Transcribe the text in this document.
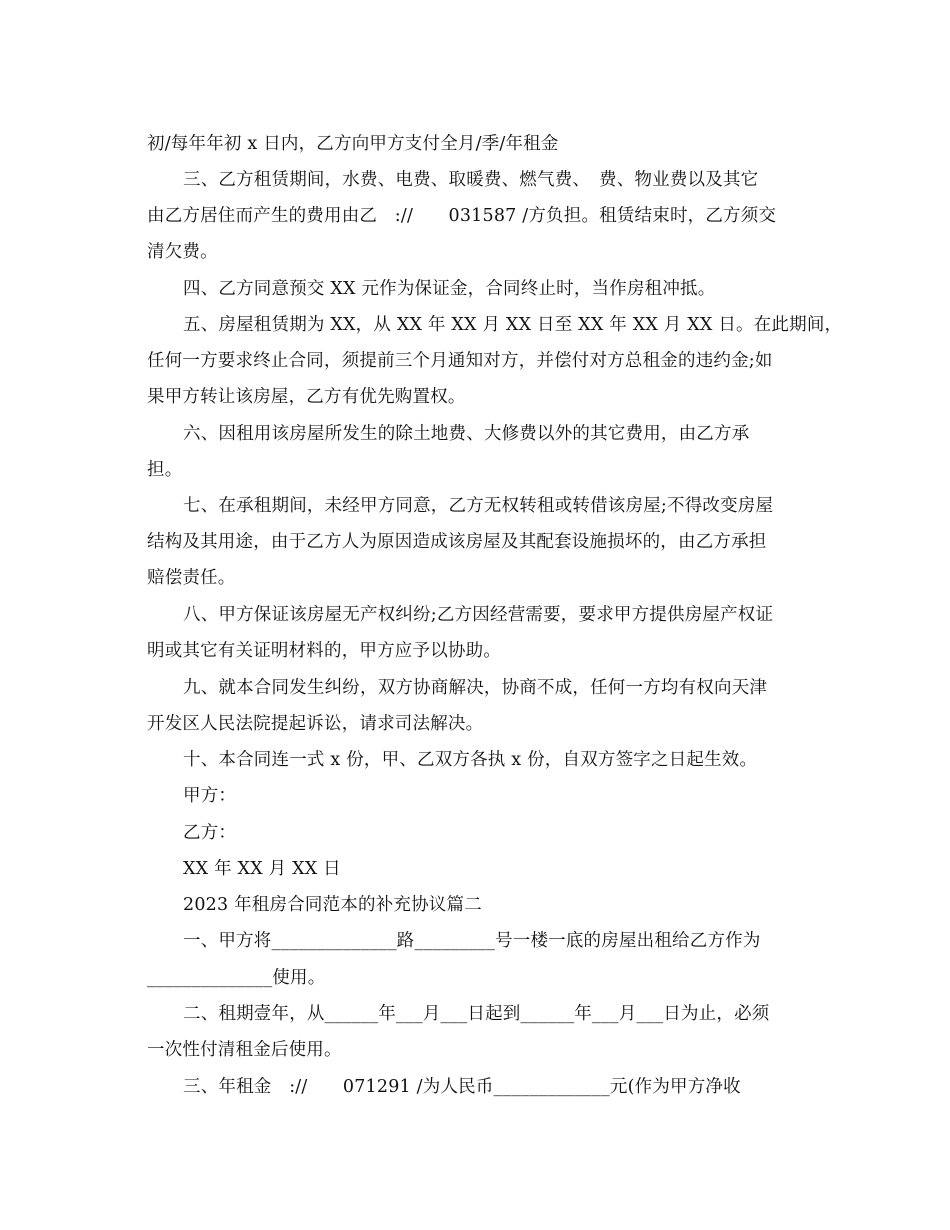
初/每年年初 x 日内，乙方向甲方支付全月/季/年租金
三、乙方租赁期间，水费、电费、取暖费、燃气费、　费、物业费以及其它
由乙方居住而产生的费用由乙　://　　031587 /方负担。租赁结束时，乙方须交
清欠费。
四、乙方同意预交 XX 元作为保证金，合同终止时，当作房租冲抵。
五、房屋租赁期为 XX，从 XX 年 XX 月 XX 日至 XX 年 XX 月 XX 日。在此期间，
任何一方要求终止合同，须提前三个月通知对方，并偿付对方总租金的违约金;如
果甲方转让该房屋，乙方有优先购置权。
六、因租用该房屋所发生的除土地费、大修费以外的其它费用，由乙方承
担。
七、在承租期间，未经甲方同意，乙方无权转租或转借该房屋;不得改变房屋
结构及其用途，由于乙方人为原因造成该房屋及其配套设施损坏的，由乙方承担
赔偿责任。
八、甲方保证该房屋无产权纠纷;乙方因经营需要，要求甲方提供房屋产权证
明或其它有关证明材料的，甲方应予以协助。
九、就本合同发生纠纷，双方协商解决，协商不成，任何一方均有权向天津
开发区人民法院提起诉讼，请求司法解决。
十、本合同连一式 x 份，甲、乙双方各执 x 份，自双方签字之日起生效。
甲方：
乙方：
XX 年 XX 月 XX 日
2023 年租房合同范本的补充协议篇二
一、甲方将______________路_________号一楼一底的房屋出租给乙方作为
______________使用。
二、租期壹年，从______年___月___日起到______年___月___日为止，必须
一次性付清租金后使用。
三、年租金　://　　071291 /为人民币_____________元(作为甲方净收
